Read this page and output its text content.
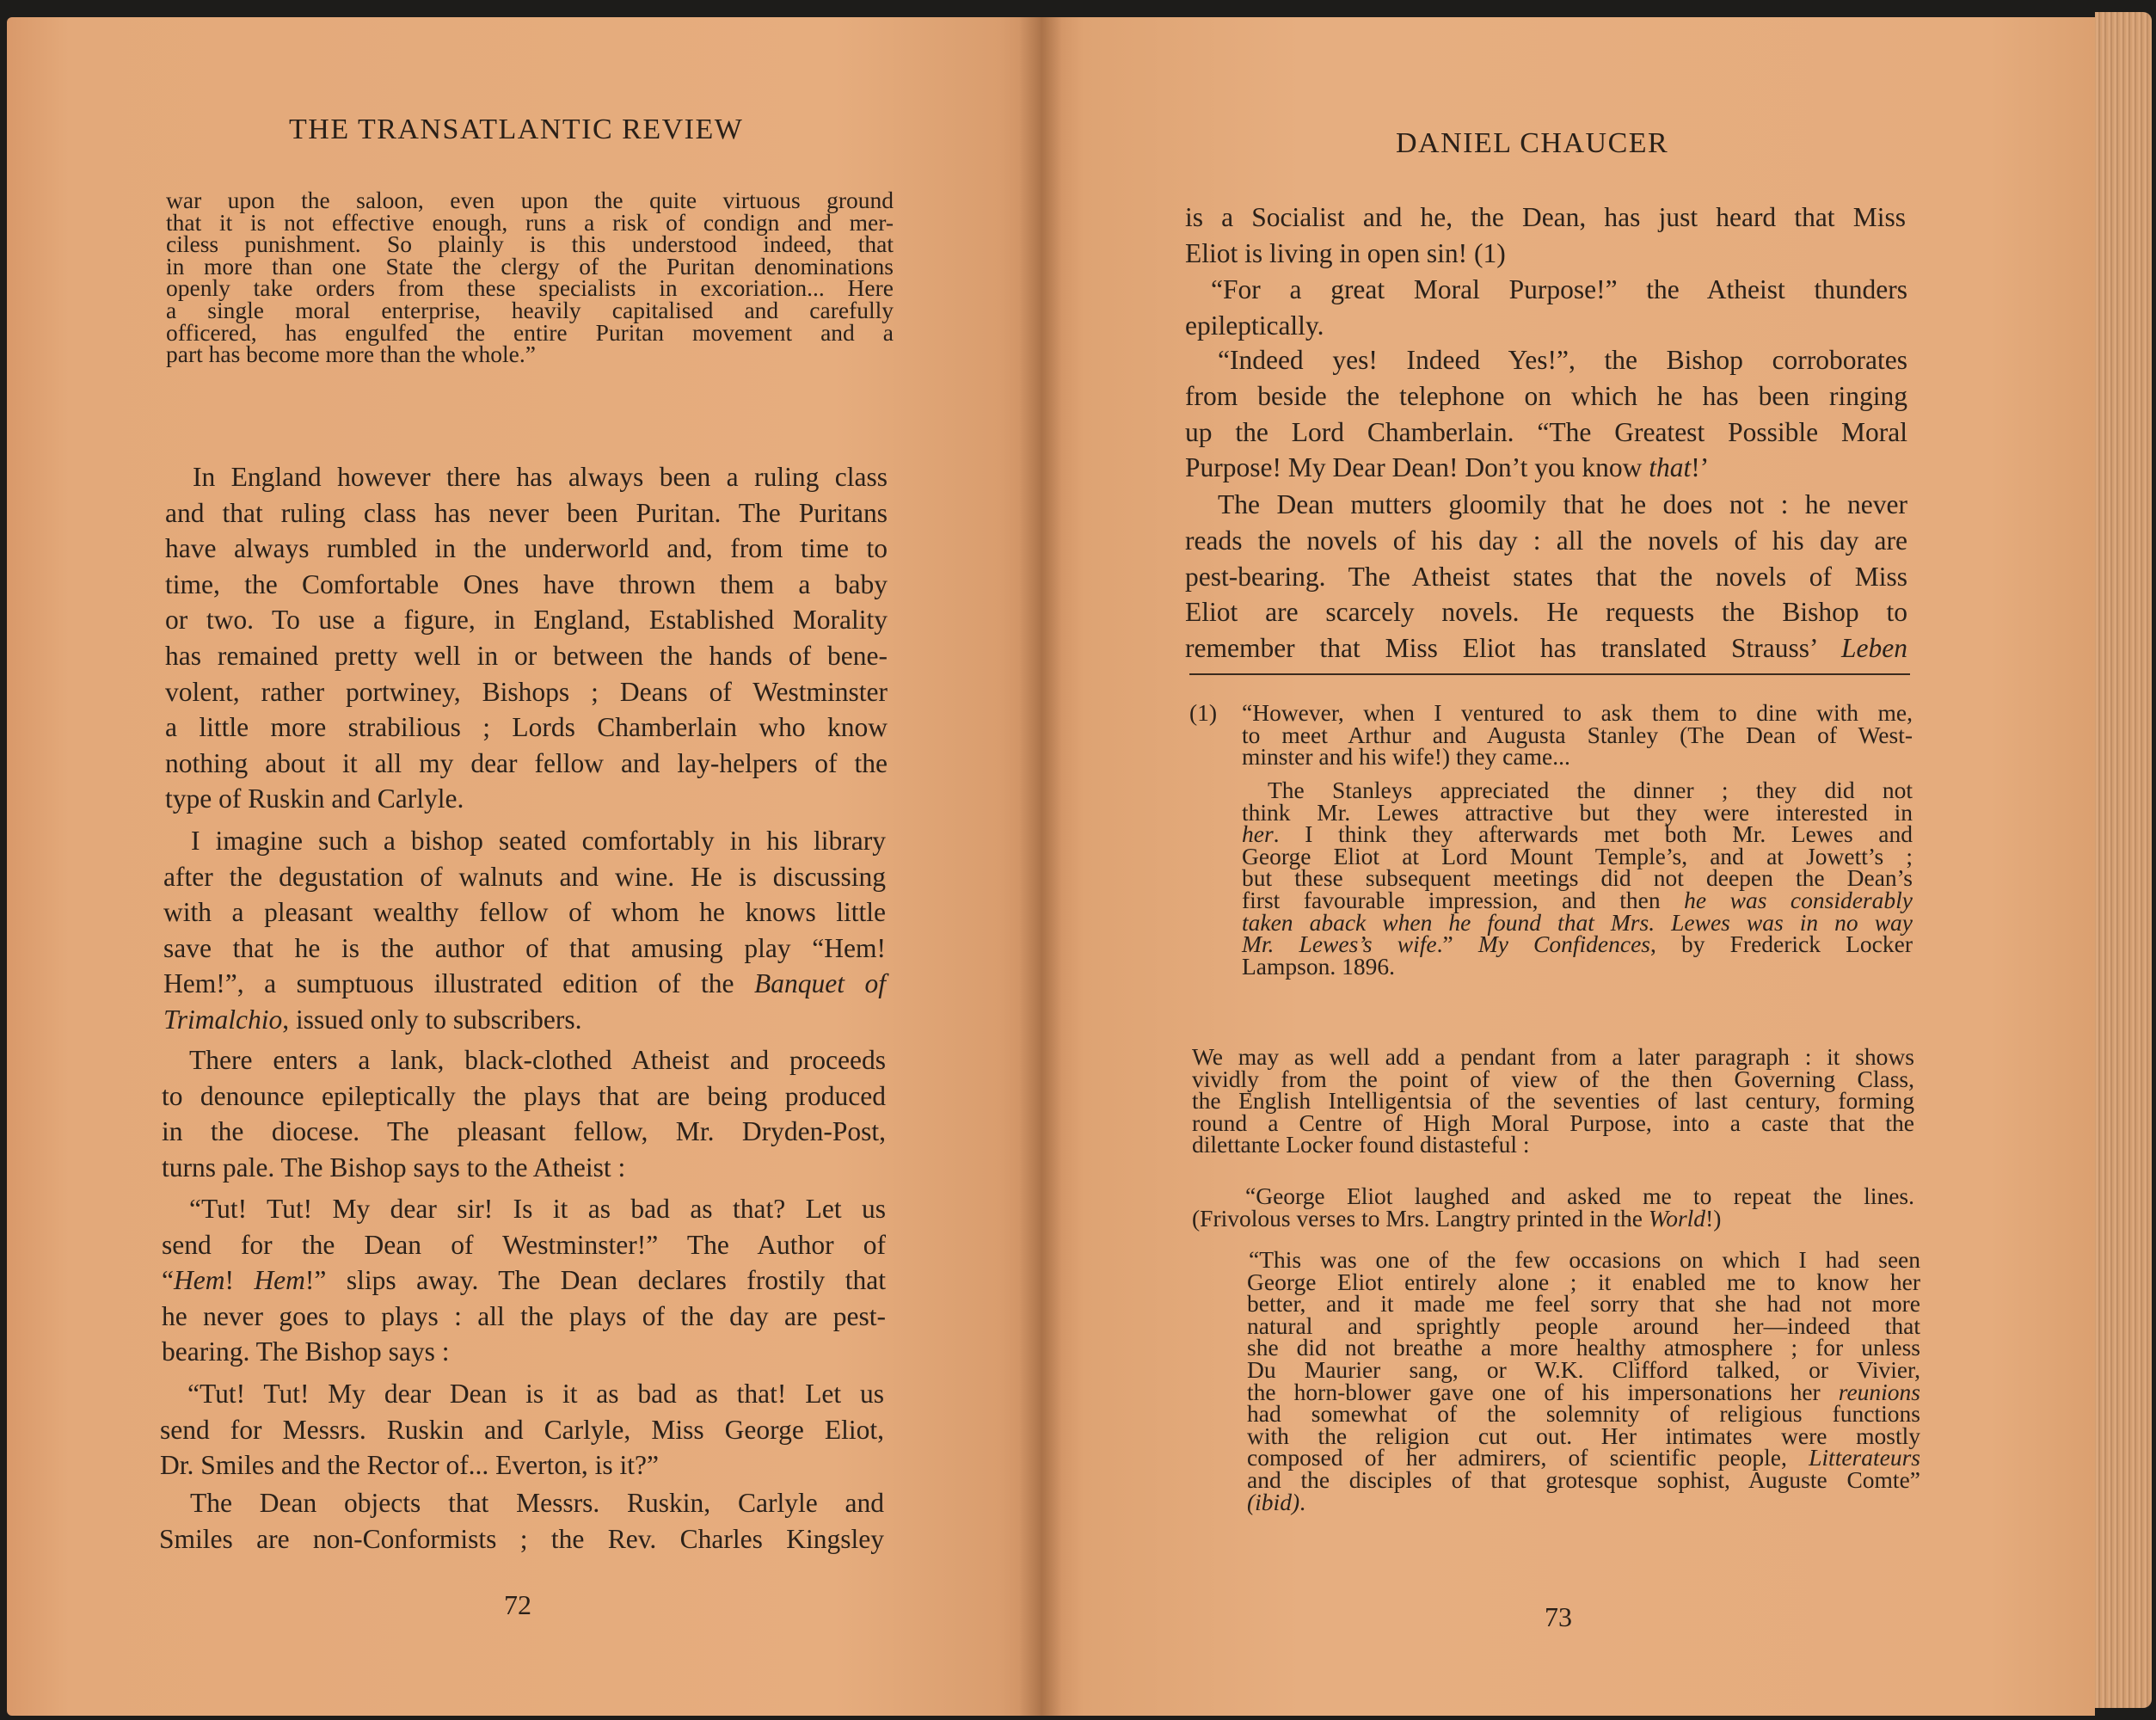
THE TRANSATLANTIC REVIEW
war upon the saloon, even upon the quite virtuous ground
that it is not effective enough, runs a risk of condign and mer-
ciless punishment. So plainly is this understood indeed, that
in more than one State the clergy of the Puritan denominations
openly take orders from these specialists in excoriation... Here
a single moral enterprise, heavily capitalised and carefully
officered, has engulfed the entire Puritan movement and a
part has become more than the whole.”
In England however there has always been a ruling class
and that ruling class has never been Puritan. The Puritans
have always rumbled in the underworld and, from time to
time, the Comfortable Ones have thrown them a baby
or two. To use a figure, in England, Established Morality
has remained pretty well in or between the hands of bene-
volent, rather portwiney, Bishops ; Deans of Westminster
a little more strabilious ; Lords Chamberlain who know
nothing about it all my dear fellow and lay-helpers of the
type of Ruskin and Carlyle.
I imagine such a bishop seated comfortably in his library
after the degustation of walnuts and wine. He is discussing
with a pleasant wealthy fellow of whom he knows little
save that he is the author of that amusing play “Hem!
Hem!”, a sumptuous illustrated edition of the Banquet of
Trimalchio, issued only to subscribers.
There enters a lank, black-clothed Atheist and proceeds
to denounce epileptically the plays that are being produced
in the diocese. The pleasant fellow, Mr. Dryden-Post,
turns pale. The Bishop says to the Atheist :
“Tut! Tut! My dear sir! Is it as bad as that? Let us
send for the Dean of Westminster!” The Author of
“Hem! Hem!” slips away. The Dean declares frostily that
he never goes to plays : all the plays of the day are pest-
bearing. The Bishop says :
“Tut! Tut! My dear Dean is it as bad as that! Let us
send for Messrs. Ruskin and Carlyle, Miss George Eliot,
Dr. Smiles and the Rector of... Everton, is it?”
The Dean objects that Messrs. Ruskin, Carlyle and
Smiles are non-Conformists ; the Rev. Charles Kingsley
72
DANIEL CHAUCER
is a Socialist and he, the Dean, has just heard that Miss
Eliot is living in open sin! (1)
“For a great Moral Purpose!” the Atheist thunders
epileptically.
“Indeed yes! Indeed Yes!”, the Bishop corroborates
from beside the telephone on which he has been ringing
up the Lord Chamberlain. “The Greatest Possible Moral
Purpose! My Dear Dean! Don’t you know that!’
The Dean mutters gloomily that he does not : he never
reads the novels of his day : all the novels of his day are
pest-bearing. The Atheist states that the novels of Miss
Eliot are scarcely novels. He requests the Bishop to
remember that Miss Eliot has translated Strauss’ Leben
(1) “However, when I ventured to ask them to dine with me,
to meet Arthur and Augusta Stanley (The Dean of West-
minster and his wife!) they came...
The Stanleys appreciated the dinner ; they did not
think Mr. Lewes attractive but they were interested in
her. I think they afterwards met both Mr. Lewes and
George Eliot at Lord Mount Temple’s, and at Jowett’s ;
but these subsequent meetings did not deepen the Dean’s
first favourable impression, and then he was considerably
taken aback when he found that Mrs. Lewes was in no way
Mr. Lewes’s wife.” My Confidences, by Frederick Locker
Lampson. 1896.
We may as well add a pendant from a later paragraph : it shows
vividly from the point of view of the then Governing Class,
the English Intelligentsia of the seventies of last century, forming
round a Centre of High Moral Purpose, into a caste that the
dilettante Locker found distasteful :
“George Eliot laughed and asked me to repeat the lines.
(Frivolous verses to Mrs. Langtry printed in the World!)
“This was one of the few occasions on which I had seen
George Eliot entirely alone ; it enabled me to know her
better, and it made me feel sorry that she had not more
natural and sprightly people around her—indeed that
she did not breathe a more healthy atmosphere ; for unless
Du Maurier sang, or W.K. Clifford talked, or Vivier,
the horn-blower gave one of his impersonations her reunions
had somewhat of the solemnity of religious functions
with the religion cut out. Her intimates were mostly
composed of her admirers, of scientific people, Litterateurs
and the disciples of that grotesque sophist, Auguste Comte”
(ibid).
73
